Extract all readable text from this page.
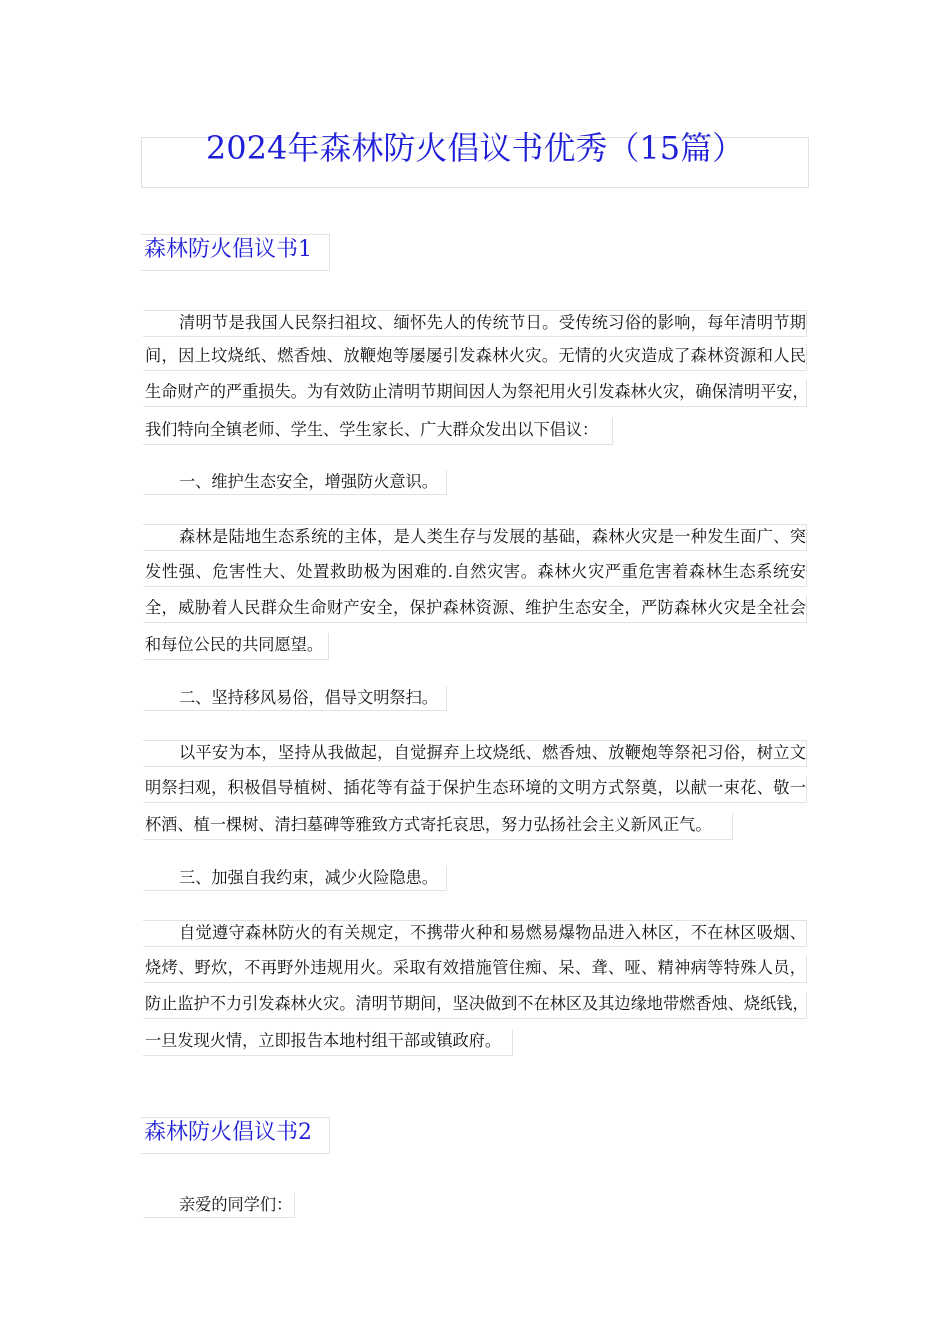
2024年森林防火倡议书优秀（15篇）
森林防火倡议书1
清明节是我国人民祭扫祖坟、缅怀先人的传统节日。受传统习俗的影响，每年清明节期
间，因上坟烧纸、燃香烛、放鞭炮等屡屡引发森林火灾。无情的火灾造成了森林资源和人民
生命财产的严重损失。为有效防止清明节期间因人为祭祀用火引发森林火灾，确保清明平安，
我们特向全镇老师、学生、学生家长、广大群众发出以下倡议：
一、维护生态安全，增强防火意识。
森林是陆地生态系统的主体，是人类生存与发展的基础，森林火灾是一种发生面广、突
发性强、危害性大、处置救助极为困难的.自然灾害。森林火灾严重危害着森林生态系统安
全，威胁着人民群众生命财产安全，保护森林资源、维护生态安全，严防森林火灾是全社会
和每位公民的共同愿望。
二、坚持移风易俗，倡导文明祭扫。
以平安为本，坚持从我做起，自觉摒弃上坟烧纸、燃香烛、放鞭炮等祭祀习俗，树立文
明祭扫观，积极倡导植树、插花等有益于保护生态环境的文明方式祭奠，以献一束花、敬一
杯酒、植一棵树、清扫墓碑等雅致方式寄托哀思，努力弘扬社会主义新风正气。
三、加强自我约束，减少火险隐患。
自觉遵守森林防火的有关规定，不携带火种和易燃易爆物品进入林区，不在林区吸烟、
烧烤、野炊，不再野外违规用火。采取有效措施管住痴、呆、聋、哑、精神病等特殊人员，
防止监护不力引发森林火灾。清明节期间，坚决做到不在林区及其边缘地带燃香烛、烧纸钱，
一旦发现火情，立即报告本地村组干部或镇政府。
森林防火倡议书2
亲爱的同学们：
